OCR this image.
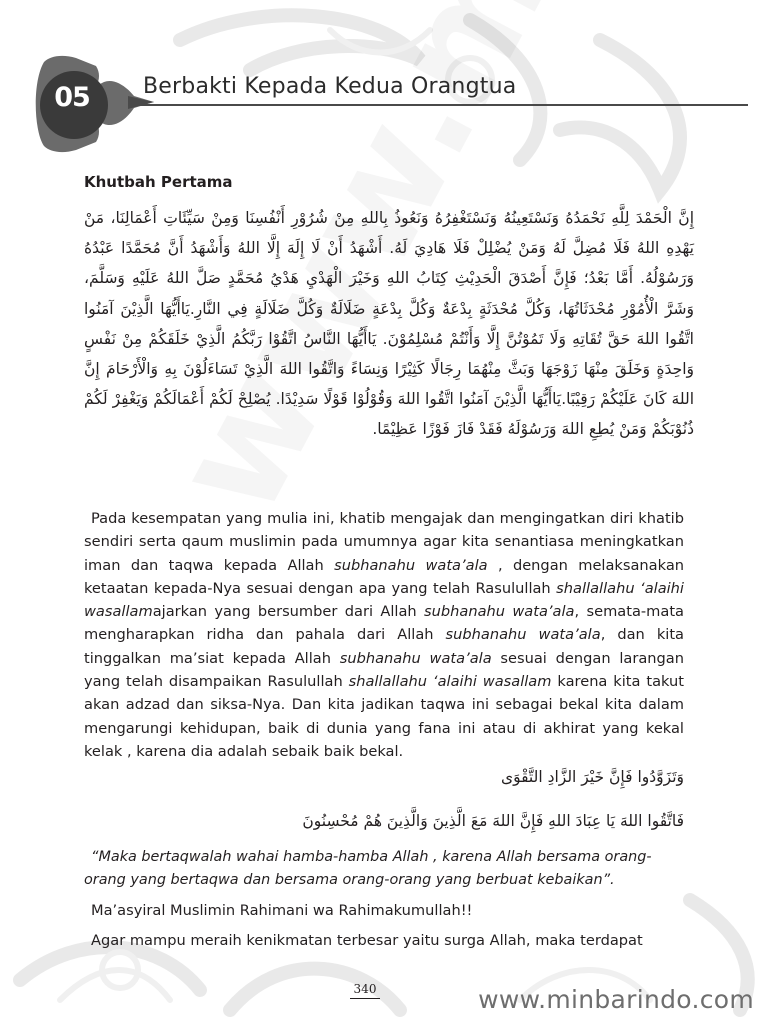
05	Berbakti Kepada Kedua Orangtua
Khutbah Pertama
إِنَّ الْحَمْدَ لِلَّهِ نَحْمَدُهُ وَنَسْتَعِينُهُ وَنَسْتَغْفِرُهُ وَنَعُوذُ بِاللهِ مِنْ شُرُوْرِ أَنْفُسِنَا وَمِنْ سَيِّئَاتِ أَعْمَالِنَا، مَنْ يَهْدِهِ اللهُ فَلَا مُضِلَّ لَهُ وَمَنْ يُضْلِلْ فَلَا هَادِيَ لَهُ. أَشْهَدُ أَنْ لَا إِلَهَ إِلَّا اللهُ وَأَشْهَدُ أَنَّ مُحَمَّدًا عَبْدُهُ وَرَسُوْلُهُ. أَمَّا بَعْدُ؛ فَإِنَّ أَصْدَقَ الْحَدِيْثِ كِتَابُ اللهِ وَخَيْرَ الْهَدْيِ هَدْيُ مُحَمَّدٍ صَلَّ اللهُ عَلَيْهِ وَسَلَّمَ، وَشَرَّ الْأُمُوْرِ مُحْدَثَاتُهَا، وَكُلَّ مُحْدَثَةٍ بِدْعَةٌ وَكُلَّ بِدْعَةٍ ضَلَالَةٌ وَكُلَّ ضَلَالَةٍ فِي النَّارِ.يَاأَيُّهَا الَّذِيْنَ آمَنُوا اتَّقُوا اللهَ حَقَّ تُقَاتِهِ وَلَا تَمُوْتُنَّ إِلَّا وَأَنْتُمْ مُسْلِمُوْنَ. يَاأَيُّهَا النَّاسُ اتَّقُوْا رَبَّكُمُ الَّذِيْ خَلَقَكُمْ مِنْ نَفْسٍ وَاحِدَةٍ وَخَلَقَ مِنْهَا زَوْجَهَا وَبَثَّ مِنْهُمَا رِجَالًا كَثِيْرًا وَنِسَاءً وَاتَّقُوا اللهَ الَّذِيْ تَسَاءَلُوْنَ بِهِ وَالْأَرْحَامَ إِنَّ اللهَ كَانَ عَلَيْكُمْ رَقِيْبًا.يَاأَيُّهَا الَّذِيْنَ آمَنُوا اتَّقُوا اللهَ وَقُوْلُوْا قَوْلًا سَدِيْدًا. يُصْلِحْ لَكُمْ أَعْمَالَكُمْ وَيَغْفِرْ لَكُمْ ذُنُوْبَكُمْ وَمَنْ يُطِعِ اللهَ وَرَسُوْلَهُ فَقَدْ فَازَ فَوْزًا عَظِيْمًا.
Pada kesempatan yang mulia ini, khatib mengajak dan mengingatkan diri khatib sendiri serta qaum muslimin pada umumnya agar kita senantiasa meningkatkan iman dan taqwa kepada Allah subhanahu wata’ala , dengan melaksanakan ketaatan kepada-Nya sesuai dengan apa yang telah Rasulullah shallallahu ‘alaihi wasallamajarkan yang bersumber dari Allah subhanahu wata’ala, semata-mata mengharapkan ridha dan pahala dari Allah subhanahu wata’ala, dan kita tinggalkan ma’siat kepada Allah subhanahu wata’ala sesuai dengan larangan yang telah disampaikan Rasulullah shallallahu ‘alaihi wasallam karena kita takut akan adzad dan siksa-Nya. Dan kita jadikan taqwa ini sebagai bekal kita dalam mengarungi kehidupan, baik di dunia yang fana ini atau di akhirat yang kekal kelak , karena dia adalah sebaik baik bekal.
وَتَزَوَّدُوا فَإِنَّ خَيْرَ الزَّادِ التَّقْوَى
فَاتَّقُوا اللهَ يَا عِبَادَ اللهِ فَإِنَّ اللهَ مَعَ الَّذِينَ وَالَّذِينَ هُمْ مُحْسِنُونَ
“Maka bertaqwalah wahai hamba-hamba Allah , karena Allah bersama orang-orang yang bertaqwa dan bersama orang-orang yang berbuat kebaikan”.
Ma’asyiral Muslimin Rahimani wa Rahimakumullah!!
Agar mampu meraih kenikmatan terbesar yaitu surga Allah, maka terdapat
340	www.minbarindo.com
